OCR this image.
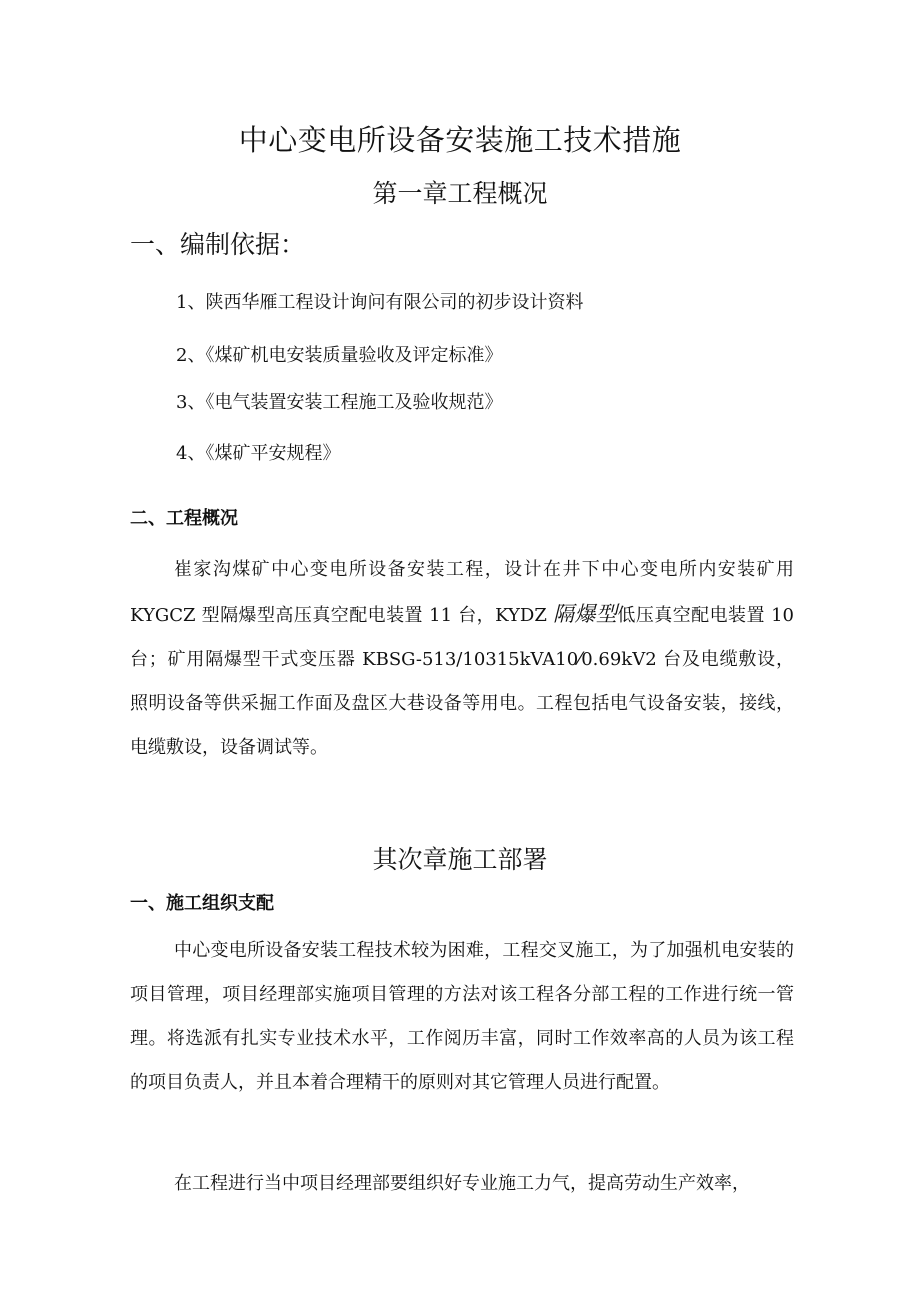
中心变电所设备安装施工技术措施
第一章工程概况
一、编制依据：
1、陕西华雁工程设计询问有限公司的初步设计资料
2、《煤矿机电安装质量验收及评定标准》
3、《电气装置安装工程施工及验收规范》
4、《煤矿平安规程》
二、工程概况
崔家沟煤矿中心变电所设备安装工程，设计在井下中心变电所内安装矿用 KYGCZ 型隔爆型高压真空配电装置 11 台，KYDZ 隔爆型低压真空配电装置 10 台；矿用隔爆型干式变压器 KBSG-513/10315kVA10⁄0.69kV2 台及电缆敷设，照明设备等供采掘工作面及盘区大巷设备等用电。工程包括电气设备安装，接线，电缆敷设，设备调试等。
其次章施工部署
一、施工组织支配
中心变电所设备安装工程技术较为困难，工程交叉施工，为了加强机电安装的项目管理，项目经理部实施项目管理的方法对该工程各分部工程的工作进行统一管理。将选派有扎实专业技术水平，工作阅历丰富，同时工作效率高的人员为该工程的项目负责人，并且本着合理精干的原则对其它管理人员进行配置。
在工程进行当中项目经理部要组织好专业施工力气，提高劳动生产效率，
